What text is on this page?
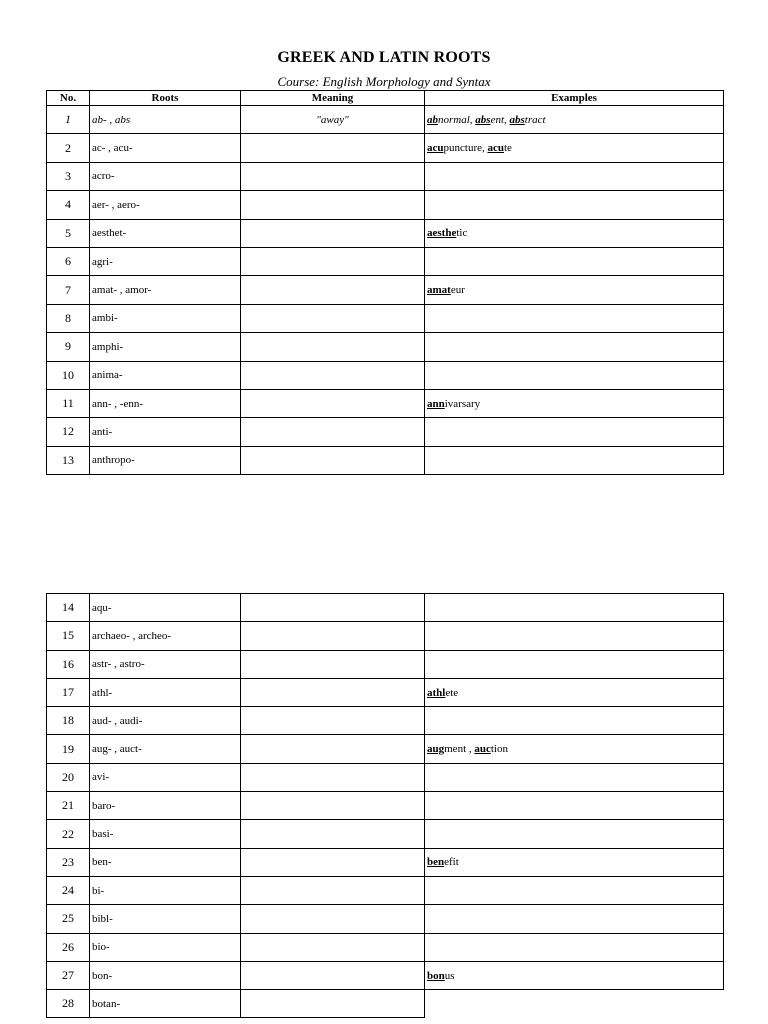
GREEK AND LATIN ROOTS
Course: English Morphology and Syntax
No.	Roots	Meaning	Examples
1	ab- , abs	"away"	abnormal, absent, abstract
2	ac- , acu-		acupuncture, acute
3	acro-		
4	aer- , aero-		
5	aesthet-		aesthetic
6	agri-		
7	amat- , amor-		amateur
8	ambi-		
9	amphi-		
10	anima-		
11	ann- , -enn-		annivarsary
12	anti-		
13	anthropo-		
14	aqu-		
15	archaeo- , archeo-		
16	astr- , astro-		
17	athl-		athlete
18	aud- , audi-		
19	aug- , auct-		augment , auction
20	avi-		
21	baro-		
22	basi-		
23	ben-		benefit
24	bi-		
25	bibl-		
26	bio-		
27	bon-		bonus
28	botan-		
